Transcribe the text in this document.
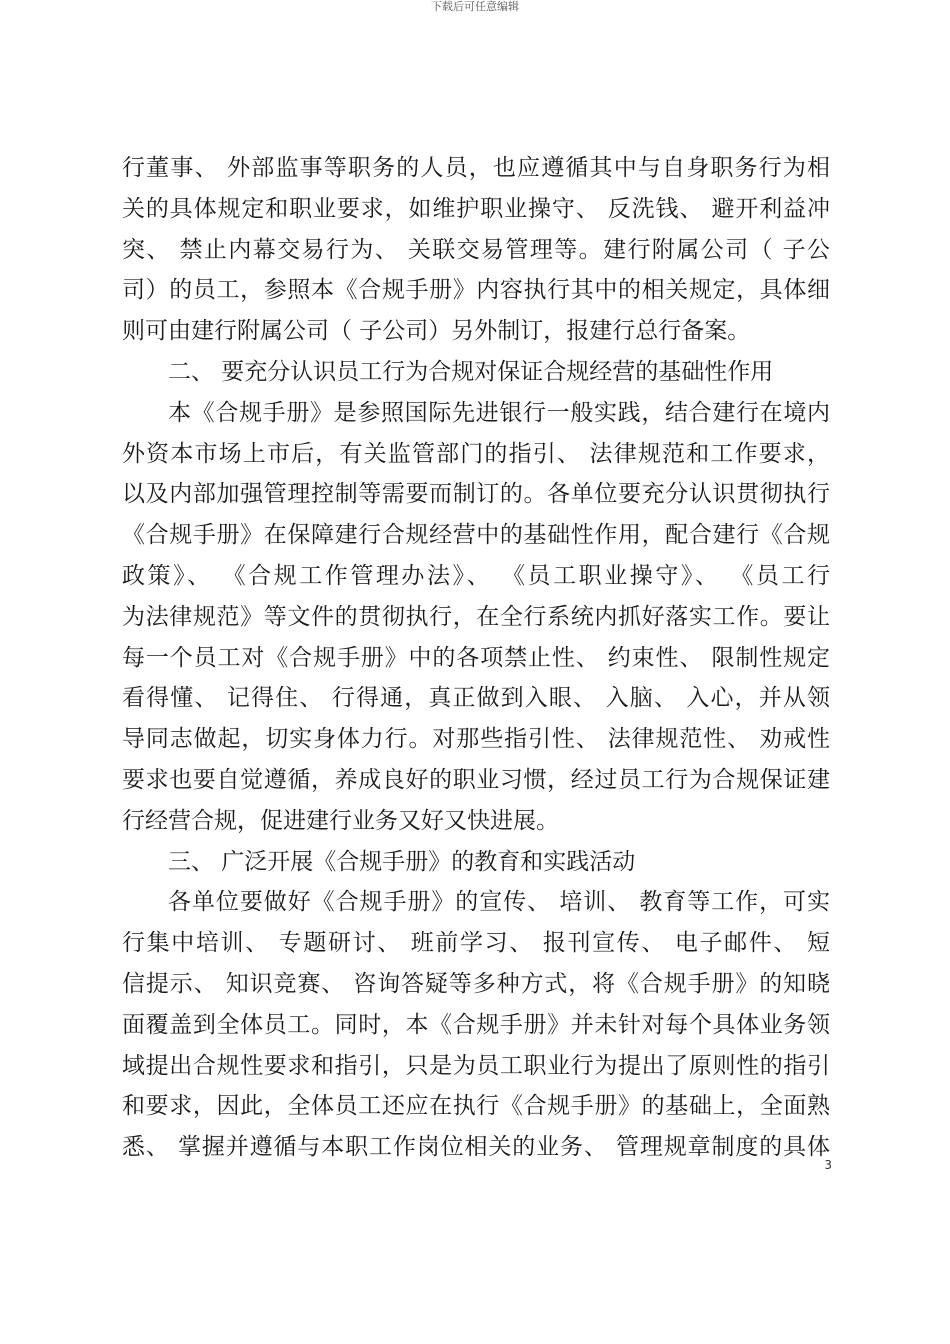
下载后可任意编辑
行董事、 外部监事等职务的人员，也应遵循其中与自身职务行为相
关的具体规定和职业要求，如维护职业操守、 反洗钱、 避开利益冲
突、 禁止内幕交易行为、 关联交易管理等。建行附属公司（ 子公
司）的员工，参照本《合规手册》内容执行其中的相关规定，具体细
则可由建行附属公司（ 子公司）另外制订，报建行总行备案。
二、 要充分认识员工行为合规对保证合规经营的基础性作用
本《合规手册》是参照国际先进银行一般实践，结合建行在境内
外资本市场上市后，有关监管部门的指引、 法律规范和工作要求，
以及内部加强管理控制等需要而制订的。各单位要充分认识贯彻执行
《合规手册》在保障建行合规经营中的基础性作用，配合建行《合规
政策》、 《合规工作管理办法》、 《员工职业操守》、 《员工行
为法律规范》等文件的贯彻执行，在全行系统内抓好落实工作。要让
每一个员工对《合规手册》中的各项禁止性、 约束性、 限制性规定
看得懂、 记得住、 行得通，真正做到入眼、 入脑、 入心，并从领
导同志做起，切实身体力行。对那些指引性、 法律规范性、 劝戒性
要求也要自觉遵循，养成良好的职业习惯，经过员工行为合规保证建
行经营合规，促进建行业务又好又快进展。
三、 广泛开展《合规手册》的教育和实践活动
各单位要做好《合规手册》的宣传、 培训、 教育等工作，可实
行集中培训、 专题研讨、 班前学习、 报刊宣传、 电子邮件、 短
信提示、 知识竞赛、 咨询答疑等多种方式，将《合规手册》的知晓
面覆盖到全体员工。同时，本《合规手册》并未针对每个具体业务领
域提出合规性要求和指引，只是为员工职业行为提出了原则性的指引
和要求，因此，全体员工还应在执行《合规手册》的基础上，全面熟
悉、 掌握并遵循与本职工作岗位相关的业务、 管理规章制度的具体
3
